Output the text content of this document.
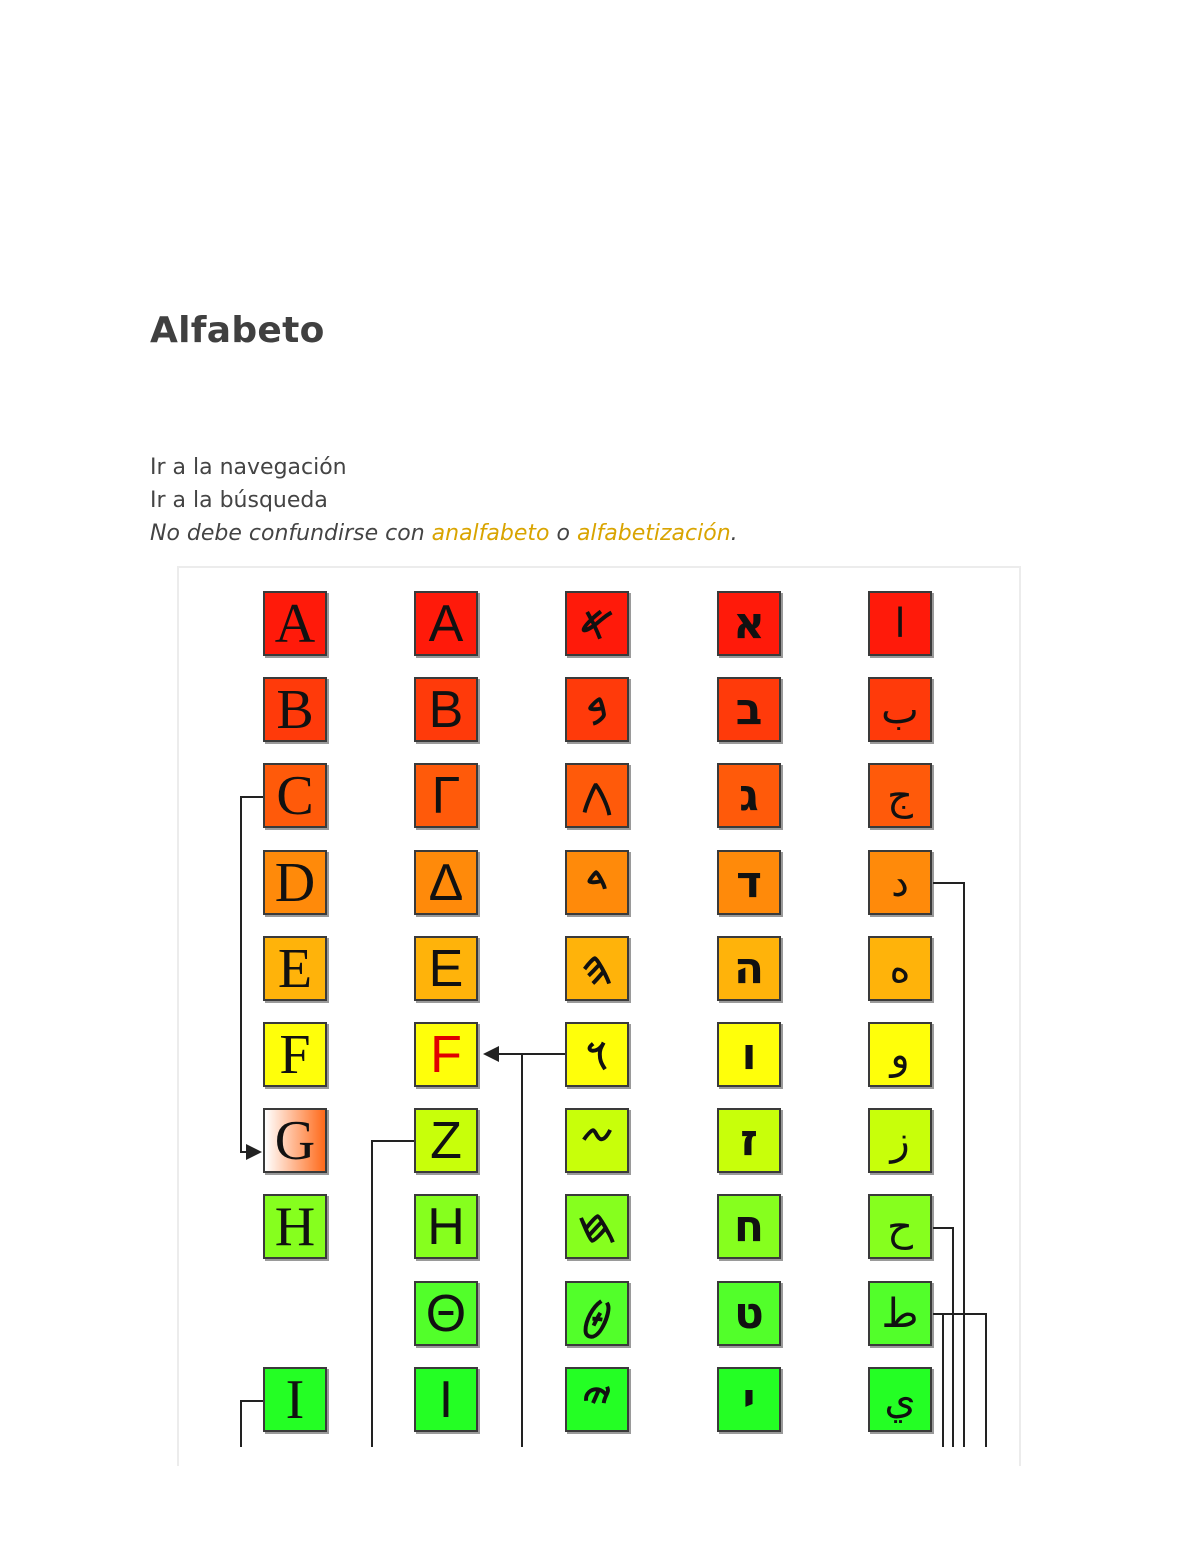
Alfabeto
Ir a la navegación
Ir a la búsqueda
No debe confundirse con analfabeto o alfabetización.
A
B
C
D
E
F
G
H
I
A
B
Γ
Δ
E
F
Z
H
Θ
I
𐤀
𐤁
𐤂
𐤃
𐤄
𐤅
𐤆
𐤇
𐤈
𐤉
א
ב
ג
ד
ה
ו
ז
ח
ט
י
ا
ب
ج
د
ه
و
ز
ح
ط
ي
